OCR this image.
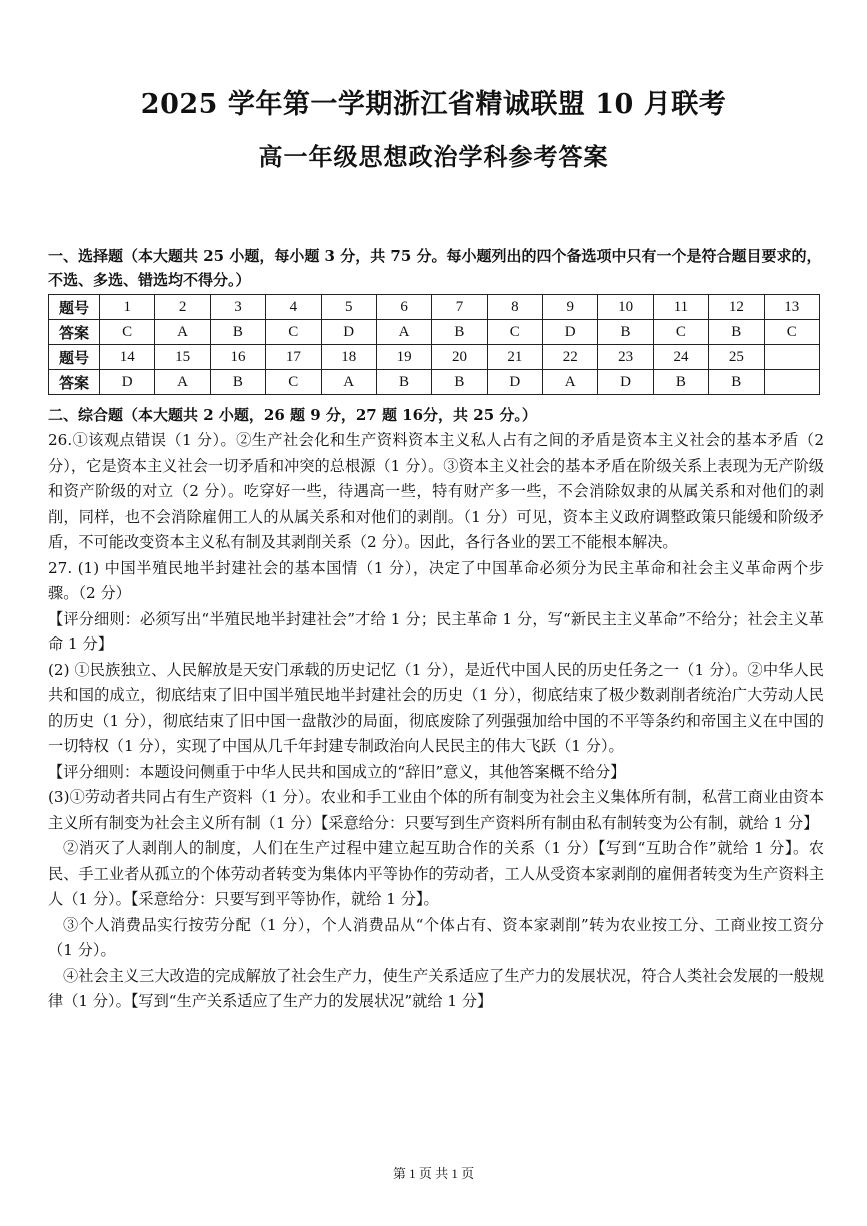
2025 学年第一学期浙江省精诚联盟 10 月联考
高一年级思想政治学科参考答案
一、选择题（本大题共 25 小题，每小题 3 分，共 75 分。每小题列出的四个备选项中只有一个是符合题目要求的，不选、多选、错选均不得分。）
题号	1	2	3	4	5	6	7	8	9	10	11	12	13
答案	C	A	B	C	D	A	B	C	D	B	C	B	C
题号	14	15	16	17	18	19	20	21	22	23	24	25	
答案	D	A	B	C	A	B	B	D	A	D	B	B	
二、综合题（本大题共 2 小题，26 题 9 分，27 题 16分，共 25 分。）

26.①该观点错误（1 分）。②生产社会化和生产资料资本主义私人占有之间的矛盾是资本主义社会的基本矛盾（2 分），它是资本主义社会一切矛盾和冲突的总根源（1 分）。③资本主义社会的基本矛盾在阶级关系上表现为无产阶级和资产阶级的对立（2 分）。吃穿好一些，待遇高一些，特有财产多一些，不会消除奴隶的从属关系和对他们的剥削，同样，也不会消除雇佣工人的从属关系和对他们的剥削。（1 分）可见，资本主义政府调整政策只能缓和阶级矛盾，不可能改变资本主义私有制及其剥削关系（2 分）。因此，各行各业的罢工不能根本解决。

27. (1) 中国半殖民地半封建社会的基本国情（1 分），决定了中国革命必须分为民主革命和社会主义革命两个步骤。（2 分）

【评分细则：必须写出“半殖民地半封建社会”才给 1 分；民主革命 1 分，写“新民主主义革命”不给分；社会主义革命 1 分】

(2) ①民族独立、人民解放是天安门承载的历史记忆（1 分），是近代中国人民的历史任务之一（1 分）。②中华人民共和国的成立，彻底结束了旧中国半殖民地半封建社会的历史（1 分），彻底结束了极少数剥削者统治广大劳动人民的历史（1 分），彻底结束了旧中国一盘散沙的局面，彻底废除了列强强加给中国的不平等条约和帝国主义在中国的一切特权（1 分），实现了中国从几千年封建专制政治向人民民主的伟大飞跃（1 分）。

【评分细则：本题设问侧重于中华人民共和国成立的“辞旧”意义，其他答案概不给分】

(3)①劳动者共同占有生产资料（1 分）。农业和手工业由个体的所有制变为社会主义集体所有制，私营工商业由资本主义所有制变为社会主义所有制（1 分）【采意给分：只要写到生产资料所有制由私有制转变为公有制，就给 1 分】

②消灭了人剥削人的制度，人们在生产过程中建立起互助合作的关系（1 分）【写到“互助合作”就给 1 分】。农民、手工业者从孤立的个体劳动者转变为集体内平等协作的劳动者，工人从受资本家剥削的雇佣者转变为生产资料主人（1 分）。【采意给分：只要写到平等协作，就给 1 分】。

③个人消费品实行按劳分配（1 分），个人消费品从“个体占有、资本家剥削”转为农业按工分、工商业按工资分（1 分）。

④社会主义三大改造的完成解放了社会生产力，使生产关系适应了生产力的发展状况，符合人类社会发展的一般规律（1 分）。【写到“生产关系适应了生产力的发展状况”就给 1 分】

第 1 页 共 1 页
